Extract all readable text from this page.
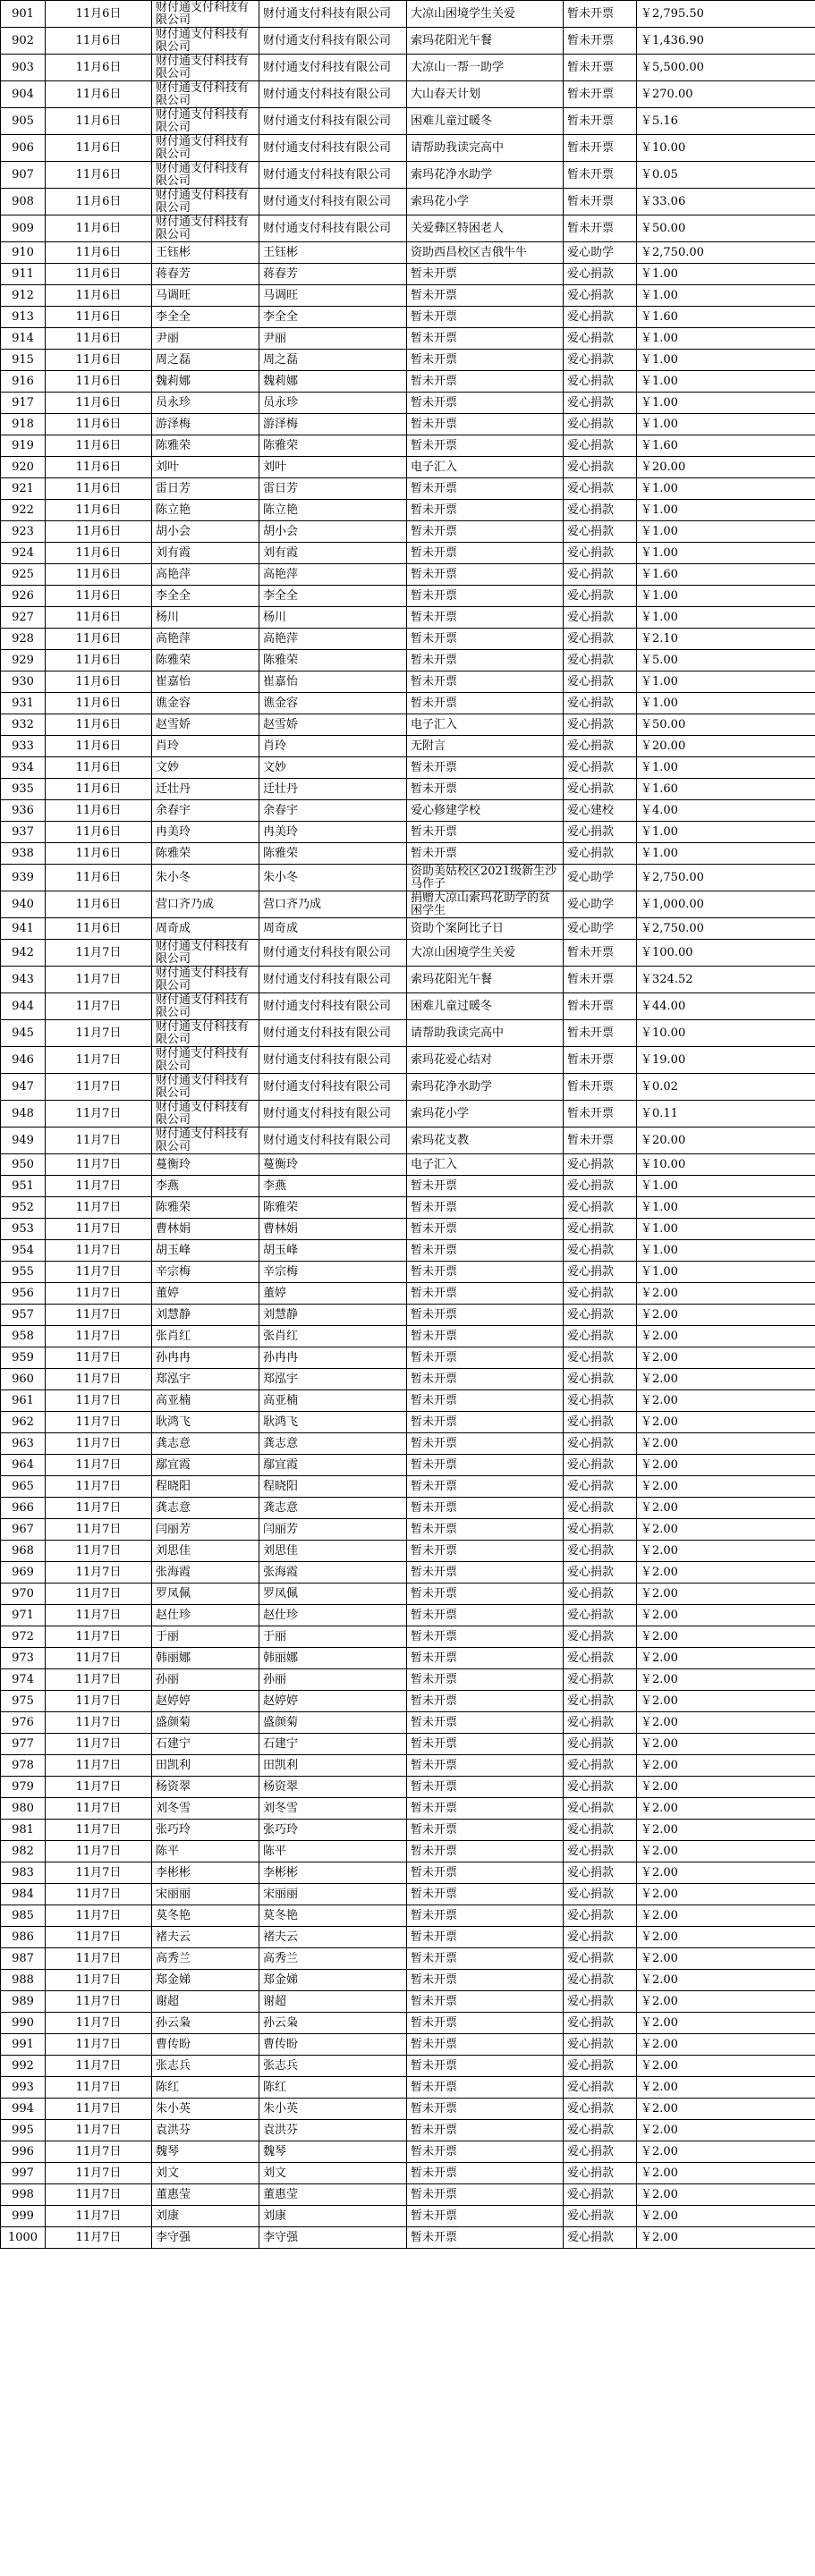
901	11月6日	财付通支付科技有限公司	财付通支付科技有限公司	大凉山困境学生关爱	暂未开票	￥2,795.50
902	11月6日	财付通支付科技有限公司	财付通支付科技有限公司	索玛花阳光午餐	暂未开票	￥1,436.90
903	11月6日	财付通支付科技有限公司	财付通支付科技有限公司	大凉山一帮一助学	暂未开票	￥5,500.00
904	11月6日	财付通支付科技有限公司	财付通支付科技有限公司	大山春天计划	暂未开票	￥270.00
905	11月6日	财付通支付科技有限公司	财付通支付科技有限公司	困难儿童过暖冬	暂未开票	￥5.16
906	11月6日	财付通支付科技有限公司	财付通支付科技有限公司	请帮助我读完高中	暂未开票	￥10.00
907	11月6日	财付通支付科技有限公司	财付通支付科技有限公司	索玛花净水助学	暂未开票	￥0.05
908	11月6日	财付通支付科技有限公司	财付通支付科技有限公司	索玛花小学	暂未开票	￥33.06
909	11月6日	财付通支付科技有限公司	财付通支付科技有限公司	关爱彝区特困老人	暂未开票	￥50.00
910	11月6日	王钰彬	王钰彬	资助西昌校区吉俄牛牛	爱心助学	￥2,750.00
911	11月6日	蒋春芳	蒋春芳	暂未开票	爱心捐款	￥1.00
912	11月6日	马调旺	马调旺	暂未开票	爱心捐款	￥1.00
913	11月6日	李全全	李全全	暂未开票	爱心捐款	￥1.60
914	11月6日	尹丽	尹丽	暂未开票	爱心捐款	￥1.00
915	11月6日	周之磊	周之磊	暂未开票	爱心捐款	￥1.00
916	11月6日	魏莉娜	魏莉娜	暂未开票	爱心捐款	￥1.00
917	11月6日	员永珍	员永珍	暂未开票	爱心捐款	￥1.00
918	11月6日	游泽梅	游泽梅	暂未开票	爱心捐款	￥1.00
919	11月6日	陈雅荣	陈雅荣	暂未开票	爱心捐款	￥1.60
920	11月6日	刘叶	刘叶	电子汇入	爱心捐款	￥20.00
921	11月6日	雷日芳	雷日芳	暂未开票	爱心捐款	￥1.00
922	11月6日	陈立艳	陈立艳	暂未开票	爱心捐款	￥1.00
923	11月6日	胡小会	胡小会	暂未开票	爱心捐款	￥1.00
924	11月6日	刘有霞	刘有霞	暂未开票	爱心捐款	￥1.00
925	11月6日	高艳萍	高艳萍	暂未开票	爱心捐款	￥1.60
926	11月6日	李全全	李全全	暂未开票	爱心捐款	￥1.00
927	11月6日	杨川	杨川	暂未开票	爱心捐款	￥1.00
928	11月6日	高艳萍	高艳萍	暂未开票	爱心捐款	￥2.10
929	11月6日	陈雅荣	陈雅荣	暂未开票	爱心捐款	￥5.00
930	11月6日	崔嘉怡	崔嘉怡	暂未开票	爱心捐款	￥1.00
931	11月6日	谯金容	谯金容	暂未开票	爱心捐款	￥1.00
932	11月6日	赵雪娇	赵雪娇	电子汇入	爱心捐款	￥50.00
933	11月6日	肖玲	肖玲	无附言	爱心捐款	￥20.00
934	11月6日	文妙	文妙	暂未开票	爱心捐款	￥1.00
935	11月6日	迁壮丹	迁壮丹	暂未开票	爱心捐款	￥1.60
936	11月6日	余春宇	余春宇	爱心修建学校	爱心建校	￥4.00
937	11月6日	冉美玲	冉美玲	暂未开票	爱心捐款	￥1.00
938	11月6日	陈雅荣	陈雅荣	暂未开票	爱心捐款	￥1.00
939	11月6日	朱小冬	朱小冬	资助美姑校区2021级新生沙马作子	爱心助学	￥2,750.00
940	11月6日	营口齐乃成	营口齐乃成	捐赠大凉山索玛花助学的贫困学生	爱心助学	￥1,000.00
941	11月6日	周奇成	周奇成	资助个案阿比子日	爱心助学	￥2,750.00
942	11月7日	财付通支付科技有限公司	财付通支付科技有限公司	大凉山困境学生关爱	暂未开票	￥100.00
943	11月7日	财付通支付科技有限公司	财付通支付科技有限公司	索玛花阳光午餐	暂未开票	￥324.52
944	11月7日	财付通支付科技有限公司	财付通支付科技有限公司	困难儿童过暖冬	暂未开票	￥44.00
945	11月7日	财付通支付科技有限公司	财付通支付科技有限公司	请帮助我读完高中	暂未开票	￥10.00
946	11月7日	财付通支付科技有限公司	财付通支付科技有限公司	索玛花爱心结对	暂未开票	￥19.00
947	11月7日	财付通支付科技有限公司	财付通支付科技有限公司	索玛花净水助学	暂未开票	￥0.02
948	11月7日	财付通支付科技有限公司	财付通支付科技有限公司	索玛花小学	暂未开票	￥0.11
949	11月7日	财付通支付科技有限公司	财付通支付科技有限公司	索玛花支教	暂未开票	￥20.00
950	11月7日	蔓衡玲	蔓衡玲	电子汇入	爱心捐款	￥10.00
951	11月7日	李燕	李燕	暂未开票	爱心捐款	￥1.00
952	11月7日	陈雅荣	陈雅荣	暂未开票	爱心捐款	￥1.00
953	11月7日	曹林娟	曹林娟	暂未开票	爱心捐款	￥1.00
954	11月7日	胡玉峰	胡玉峰	暂未开票	爱心捐款	￥1.00
955	11月7日	辛宗梅	辛宗梅	暂未开票	爱心捐款	￥1.00
956	11月7日	董婷	董婷	暂未开票	爱心捐款	￥2.00
957	11月7日	刘慧静	刘慧静	暂未开票	爱心捐款	￥2.00
958	11月7日	张肖红	张肖红	暂未开票	爱心捐款	￥2.00
959	11月7日	孙冉冉	孙冉冉	暂未开票	爱心捐款	￥2.00
960	11月7日	郑泓宇	郑泓宇	暂未开票	爱心捐款	￥2.00
961	11月7日	高亚楠	高亚楠	暂未开票	爱心捐款	￥2.00
962	11月7日	耿鸿飞	耿鸿飞	暂未开票	爱心捐款	￥2.00
963	11月7日	龚志意	龚志意	暂未开票	爱心捐款	￥2.00
964	11月7日	鄢宜霞	鄢宜霞	暂未开票	爱心捐款	￥2.00
965	11月7日	程晓阳	程晓阳	暂未开票	爱心捐款	￥2.00
966	11月7日	龚志意	龚志意	暂未开票	爱心捐款	￥2.00
967	11月7日	闫丽芳	闫丽芳	暂未开票	爱心捐款	￥2.00
968	11月7日	刘思佳	刘思佳	暂未开票	爱心捐款	￥2.00
969	11月7日	张海霞	张海霞	暂未开票	爱心捐款	￥2.00
970	11月7日	罗凤佩	罗凤佩	暂未开票	爱心捐款	￥2.00
971	11月7日	赵仕珍	赵仕珍	暂未开票	爱心捐款	￥2.00
972	11月7日	于丽	于丽	暂未开票	爱心捐款	￥2.00
973	11月7日	韩丽娜	韩丽娜	暂未开票	爱心捐款	￥2.00
974	11月7日	孙丽	孙丽	暂未开票	爱心捐款	￥2.00
975	11月7日	赵婷婷	赵婷婷	暂未开票	爱心捐款	￥2.00
976	11月7日	盛颜菊	盛颜菊	暂未开票	爱心捐款	￥2.00
977	11月7日	石建宁	石建宁	暂未开票	爱心捐款	￥2.00
978	11月7日	田凯利	田凯利	暂未开票	爱心捐款	￥2.00
979	11月7日	杨资翠	杨资翠	暂未开票	爱心捐款	￥2.00
980	11月7日	刘冬雪	刘冬雪	暂未开票	爱心捐款	￥2.00
981	11月7日	张巧玲	张巧玲	暂未开票	爱心捐款	￥2.00
982	11月7日	陈平	陈平	暂未开票	爱心捐款	￥2.00
983	11月7日	李彬彬	李彬彬	暂未开票	爱心捐款	￥2.00
984	11月7日	宋丽丽	宋丽丽	暂未开票	爱心捐款	￥2.00
985	11月7日	莫冬艳	莫冬艳	暂未开票	爱心捐款	￥2.00
986	11月7日	褚夫云	褚夫云	暂未开票	爱心捐款	￥2.00
987	11月7日	高秀兰	高秀兰	暂未开票	爱心捐款	￥2.00
988	11月7日	郑金娣	郑金娣	暂未开票	爱心捐款	￥2.00
989	11月7日	谢超	谢超	暂未开票	爱心捐款	￥2.00
990	11月7日	孙云枭	孙云枭	暂未开票	爱心捐款	￥2.00
991	11月7日	曹传盼	曹传盼	暂未开票	爱心捐款	￥2.00
992	11月7日	张志兵	张志兵	暂未开票	爱心捐款	￥2.00
993	11月7日	陈红	陈红	暂未开票	爱心捐款	￥2.00
994	11月7日	朱小英	朱小英	暂未开票	爱心捐款	￥2.00
995	11月7日	袁洪芬	袁洪芬	暂未开票	爱心捐款	￥2.00
996	11月7日	魏琴	魏琴	暂未开票	爱心捐款	￥2.00
997	11月7日	刘文	刘文	暂未开票	爱心捐款	￥2.00
998	11月7日	董惠莹	董惠莹	暂未开票	爱心捐款	￥2.00
999	11月7日	刘康	刘康	暂未开票	爱心捐款	￥2.00
1000	11月7日	李守强	李守强	暂未开票	爱心捐款	￥2.00
